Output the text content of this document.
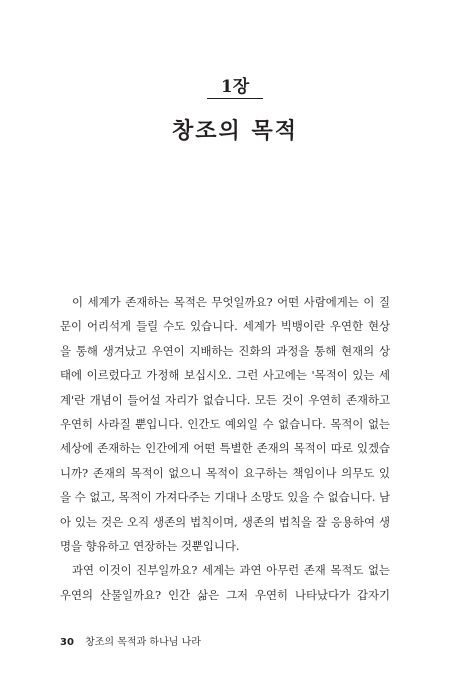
1장
창조의 목적
이 세계가 존재하는 목적은 무엇일까요? 어떤 사람에게는 이 질
문이 어리석게 들릴 수도 있습니다. 세계가 빅뱅이란 우연한 현상
을 통해 생겨났고 우연이 지배하는 진화의 과정을 통해 현재의 상
태에 이르렀다고 가정해 보십시오. 그런 사고에는 '목적이 있는 세
계'란 개념이 들어설 자리가 없습니다. 모든 것이 우연히 존재하고
우연히 사라질 뿐입니다. 인간도 예외일 수 없습니다. 목적이 없는
세상에 존재하는 인간에게 어떤 특별한 존재의 목적이 따로 있겠습
니까? 존재의 목적이 없으니 목적이 요구하는 책임이나 의무도 있
을 수 없고, 목적이 가져다주는 기대나 소망도 있을 수 없습니다. 남
아 있는 것은 오직 생존의 법칙이며, 생존의 법칙을 잘 응용하여 생
명을 향유하고 연장하는 것뿐입니다.
과연 이것이 진부일까요? 세계는 과연 아무런 존재 목적도 없는
우연의 산물일까요? 인간 삶은 그저 우연히 나타났다가 갑자기
30 창조의 목적과 하나님 나라
